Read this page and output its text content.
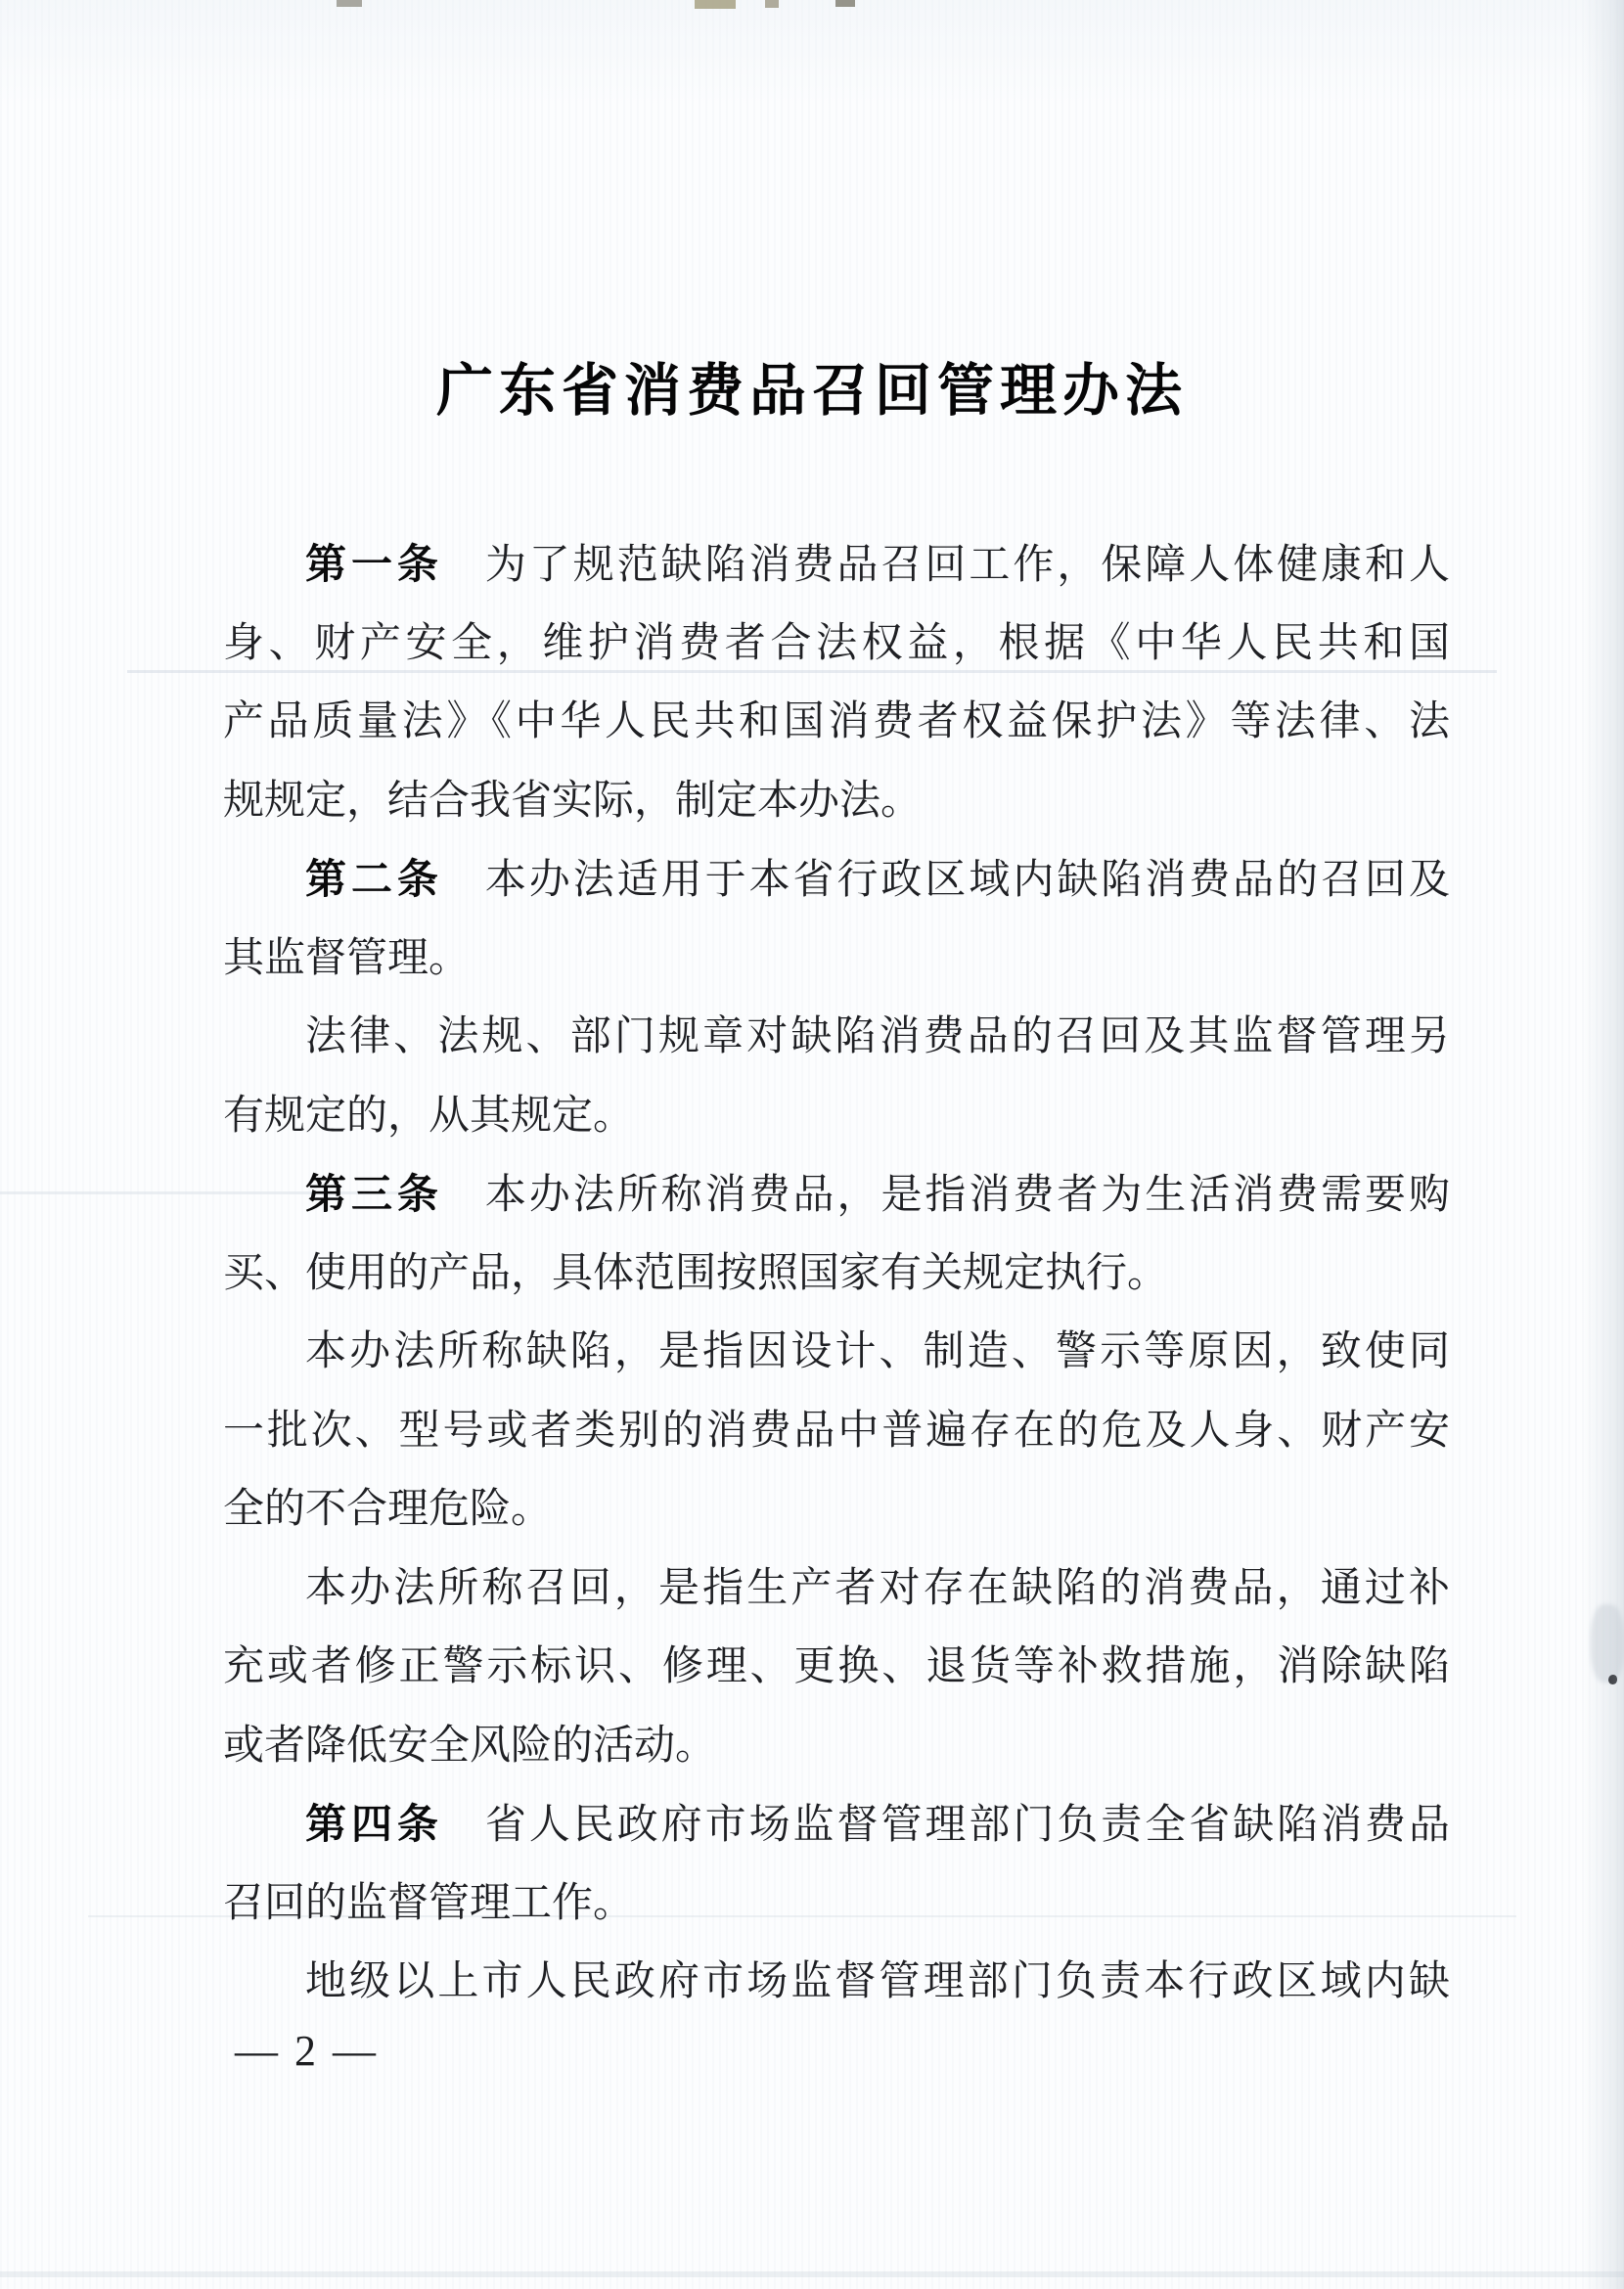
广东省消费品召回管理办法
第一条 为了规范缺陷消费品召回工作，保障人体健康和人
身、财产安全，维护消费者合法权益，根据《中华人民共和国
产品质量法》《中华人民共和国消费者权益保护法》等法律、法
规规定，结合我省实际，制定本办法。
第二条 本办法适用于本省行政区域内缺陷消费品的召回及
其监督管理。
法律、法规、部门规章对缺陷消费品的召回及其监督管理另
有规定的，从其规定。
第三条 本办法所称消费品，是指消费者为生活消费需要购
买、使用的产品，具体范围按照国家有关规定执行。
本办法所称缺陷，是指因设计、制造、警示等原因，致使同
一批次、型号或者类别的消费品中普遍存在的危及人身、财产安
全的不合理危险。
本办法所称召回，是指生产者对存在缺陷的消费品，通过补
充或者修正警示标识、修理、更换、退货等补救措施，消除缺陷
或者降低安全风险的活动。
第四条 省人民政府市场监督管理部门负责全省缺陷消费品
召回的监督管理工作。
地级以上市人民政府市场监督管理部门负责本行政区域内缺
— 2 —
